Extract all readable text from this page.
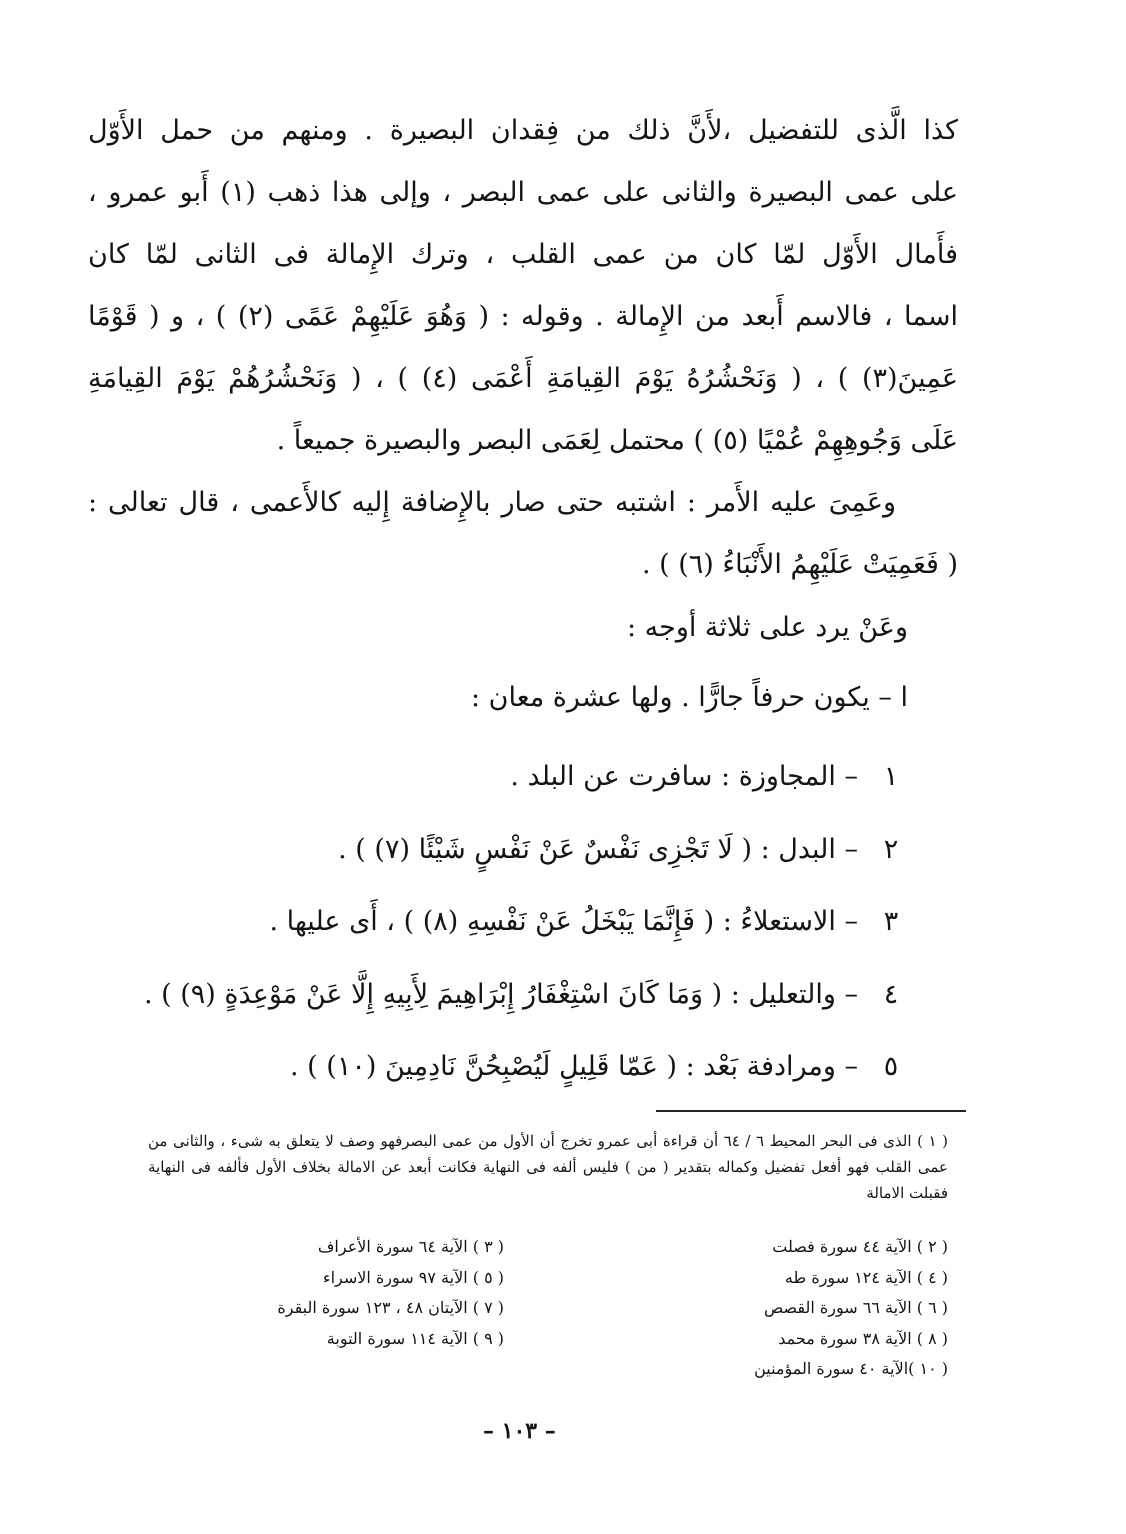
كذا الَّذى للتفضيل ،لأَنَّ ذلك من فِقدان البصيرة . ومنهم من حمل الأَوّل
على عمى البصيرة والثانى على عمى البصر ، وإلى هذا ذهب (١) أَبو عمرو ،
فأَمال الأَوّل لمّا كان من عمى القلب ، وترك الإِمالة فى الثانى لمّا كان
اسما ، فالاسم أَبعد من الإِمالة . وقوله : ( وَهُوَ عَلَيْهِمْ عَمًى (٢) ) ، و ( قَوْمًا
عَمِينَ(٣) ) ، ( وَنَحْشُرُهُ يَوْمَ القِيامَةِ أَعْمَى (٤) ) ، ( وَنَحْشُرُهُمْ يَوْمَ القِيامَةِ
عَلَى وَجُوهِهِمْ عُمْيًا (٥) ) محتمل لِعَمَى البصر والبصيرة جميعاً .
وعَمِىَ عليه الأَمر : اشتبه حتى صار بالإِضافة إِليه كالأَعمى ، قال تعالى :
( فَعَمِيَتْ عَلَيْهِمُ الأَنْبَاءُ (٦) ) .
وعَنْ يرد على ثلاثة أوجه :
ا – يكون حرفاً جارًّا . ولها عشرة معان :
١– المجاوزة : سافرت عن البلد .
٢– البدل : ( لَا تَجْزِى نَفْسٌ عَنْ نَفْسٍ شَيْئًا (٧) ) .
٣– الاستعلاءُ : ( فَإِنَّمَا يَبْخَلُ عَنْ نَفْسِهِ (٨) ) ، أَى عليها .
٤– والتعليل : ( وَمَا كَانَ اسْتِغْفَارُ إِبْرَاهِيمَ لِأَبِيهِ إِلَّا عَنْ مَوْعِدَةٍ (٩) ) .
٥– ومرادفة بَعْد : ( عَمّا قَلِيلٍ لَيُصْبِحُنَّ نَادِمِينَ (١٠) ) .
( ١ ) الذى فى البحر المحيط ٦ / ٦٤ أن قراءة أبى عمرو تخرج أن الأول من عمى البصرفهو وصف لا يتعلق به شىء ، والثانى من عمى القلب فهو أفعل تفضيل وكماله بتقدير ( من ) فليس ألفه فى النهاية فكانت أبعد عن الامالة بخلاف الأول فألفه فى النهاية فقبلت الامالة
( ٢ ) الآية ٤٤ سورة فصلت
( ٤ ) الآية ١٢٤ سورة طه
( ٦ ) الآية ٦٦ سورة القصص
( ٨ ) الآية ٣٨ سورة محمد
( ١٠ )الآية ٤٠ سورة المؤمنين
( ٣ ) الآية ٦٤ سورة الأعراف
( ٥ ) الآية ٩٧ سورة الاسراء
( ٧ ) الآيتان ٤٨ ، ١٢٣ سورة البقرة
( ٩ ) الآية ١١٤ سورة التوبة
– ١٠٣ –
